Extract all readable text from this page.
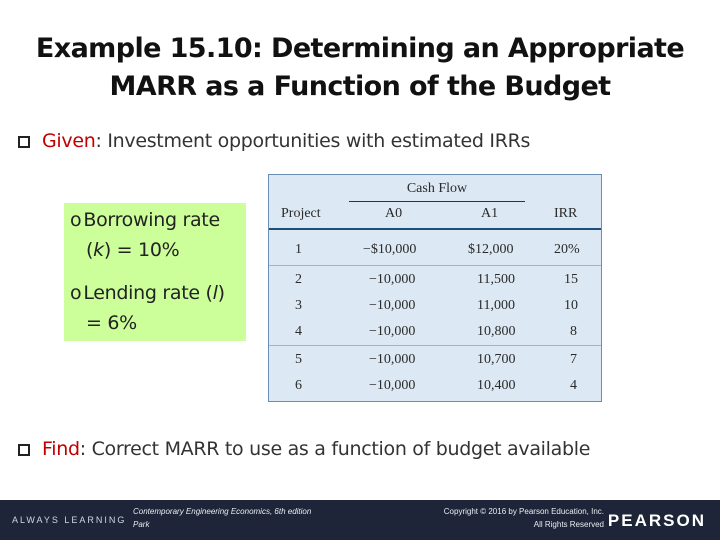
Example 15.10: Determining an Appropriate
MARR as a Function of the Budget
Given: Investment opportunities with estimated IRRs
o Borrowing rate
(k) = 10%
o Lending rate (l)
= 6%
Cash Flow
Project	A0	A1	IRR
1	−$10,000	$12,000	20%
2	−10,000	11,500	15
3	−10,000	11,000	10
4	−10,000	10,800	8
5	−10,000	10,700	7
6	−10,000	10,400	4
Find: Correct MARR to use as a function of budget available
ALWAYS LEARNING
Contemporary Engineering Economics, 6th edition
Park
Copyright © 2016 by Pearson Education, Inc.
All Rights Reserved PEARSON
